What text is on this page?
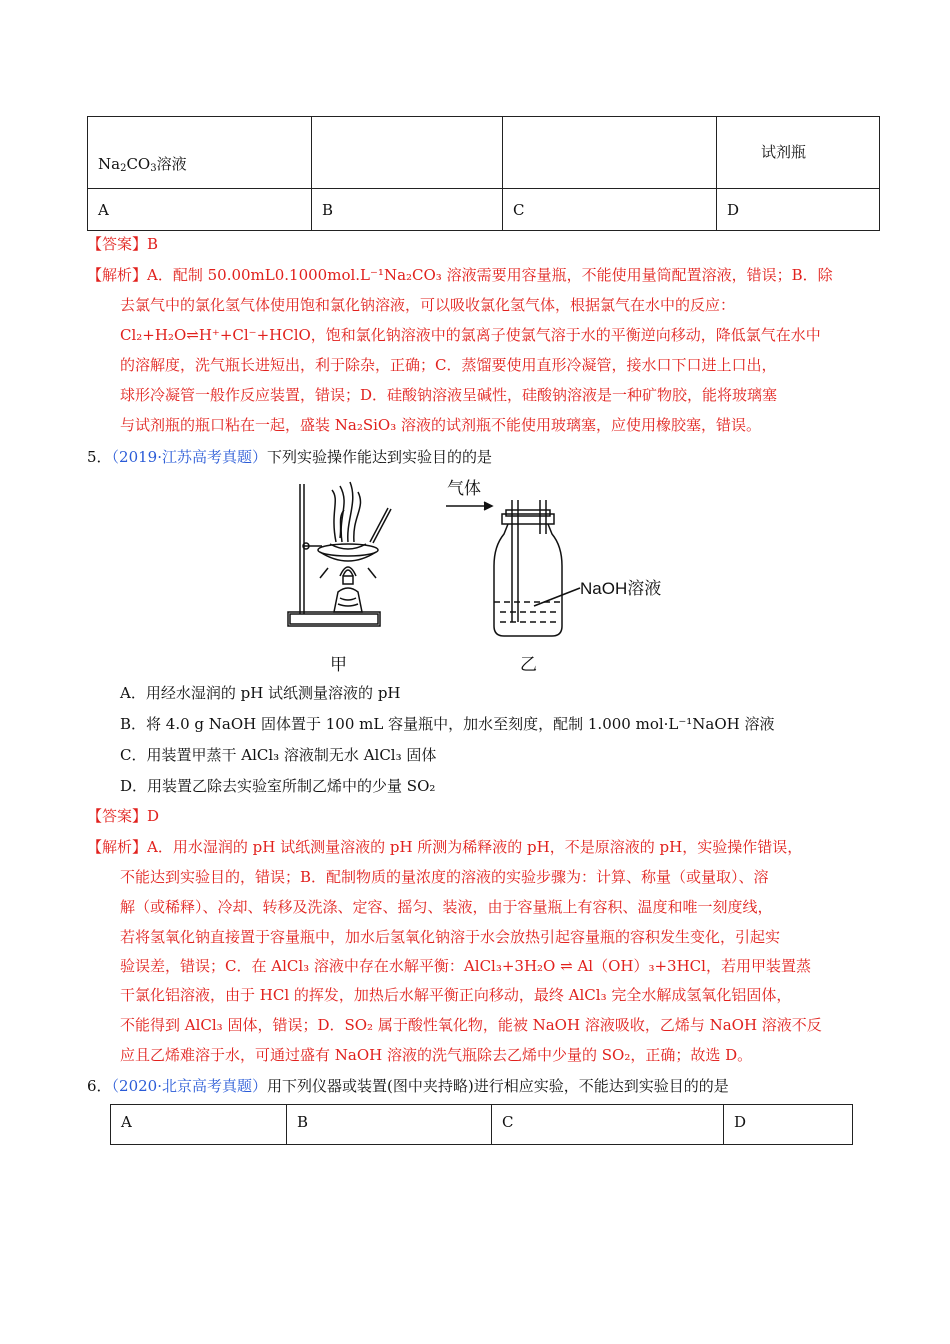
$Na_2CO_3$溶液			试剂瓶
A	B	C	D
【答案】B
【解析】A．配制 50.00mL0.1000mol.L⁻¹Na₂CO₃ 溶液需要用容量瓶，不能使用量筒配置溶液，错误；B．除
去氯气中的氯化氢气体使用饱和氯化钠溶液，可以吸收氯化氢气体，根据氯气在水中的反应：
Cl₂+H₂O⇌H⁺+Cl⁻+HClO，饱和氯化钠溶液中的氯离子使氯气溶于水的平衡逆向移动，降低氯气在水中
的溶解度，洗气瓶长进短出，利于除杂，正确；C．蒸馏要使用直形冷凝管，接水口下口进上口出，
球形冷凝管一般作反应装置，错误；D．硅酸钠溶液呈碱性，硅酸钠溶液是一种矿物胶，能将玻璃塞
与试剂瓶的瓶口粘在一起，盛装 Na₂SiO₃ 溶液的试剂瓶不能使用玻璃塞，应使用橡胶塞，错误。
5．（2019·江苏高考真题）下列实验操作能达到实验目的的是
气体
NaOH溶液
甲	乙
A．用经水湿润的 pH 试纸测量溶液的 pH
B．将 4.0 g NaOH 固体置于 100 mL 容量瓶中，加水至刻度，配制 1.000 mol·L⁻¹NaOH 溶液
C．用装置甲蒸干 AlCl₃ 溶液制无水 AlCl₃ 固体
D．用装置乙除去实验室所制乙烯中的少量 SO₂
【答案】D
【解析】A．用水湿润的 pH 试纸测量溶液的 pH 所测为稀释液的 pH，不是原溶液的 pH，实验操作错误，
不能达到实验目的，错误；B．配制物质的量浓度的溶液的实验步骤为：计算、称量（或量取）、溶
解（或稀释）、冷却、转移及洗涤、定容、摇匀、装液，由于容量瓶上有容积、温度和唯一刻度线，
若将氢氧化钠直接置于容量瓶中，加水后氢氧化钠溶于水会放热引起容量瓶的容积发生变化，引起实
验误差，错误；C．在 AlCl₃ 溶液中存在水解平衡：AlCl₃+3H₂O ⇌ Al（OH）₃+3HCl，若用甲装置蒸
干氯化铝溶液，由于 HCl 的挥发，加热后水解平衡正向移动，最终 AlCl₃ 完全水解成氢氧化铝固体，
不能得到 AlCl₃ 固体，错误；D．SO₂ 属于酸性氧化物，能被 NaOH 溶液吸收，乙烯与 NaOH 溶液不反
应且乙烯难溶于水，可通过盛有 NaOH 溶液的洗气瓶除去乙烯中少量的 SO₂，正确；故选 D。
6．（2020·北京高考真题）用下列仪器或装置(图中夹持略)进行相应实验，不能达到实验目的的是
A	B	C	D
